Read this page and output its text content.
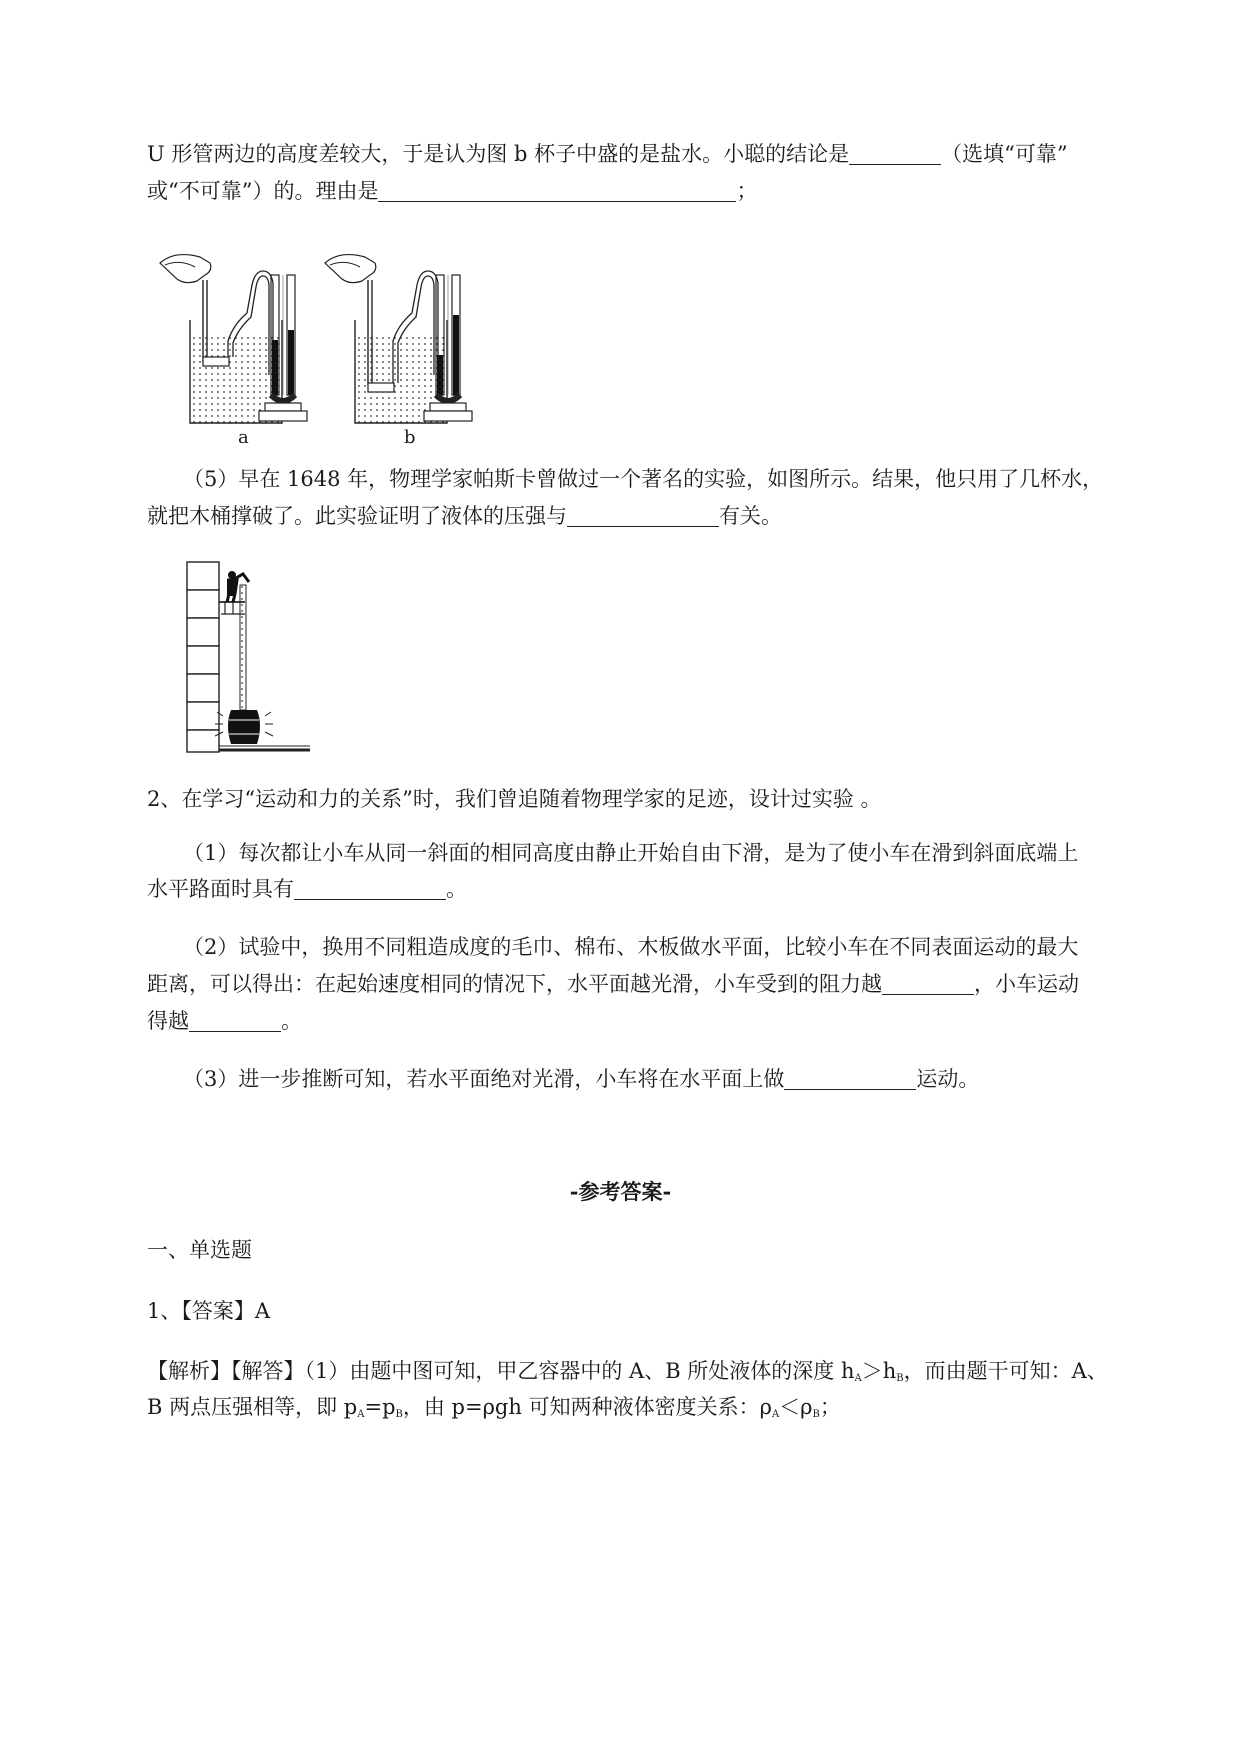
U 形管两边的高度差较大，于是认为图 b 杯子中盛的是盐水。小聪的结论是	（选填“可靠”

或“不可靠”）的。理由是	；

a	b

（5）早在 1648 年，物理学家帕斯卡曾做过一个著名的实验，如图所示。结果，他只用了几杯水，

就把木桶撑破了。此实验证明了液体的压强与	有关。

2、在学习“运动和力的关系”时，我们曾追随着物理学家的足迹，设计过实验 。

（1）每次都让小车从同一斜面的相同高度由静止开始自由下滑，是为了使小车在滑到斜面底端上

水平路面时具有	。

（2）试验中，换用不同粗造成度的毛巾、棉布、木板做水平面，比较小车在不同表面运动的最大

距离，可以得出：在起始速度相同的情况下，水平面越光滑，小车受到的阻力越	，小车运动

得越	。

（3）进一步推断可知，若水平面绝对光滑，小车将在水平面上做	运动。

-参考答案-

一、单选题

1、【答案】A

【解析】【解答】（1）由题中图可知，甲乙容器中的 A、B 所处液体的深度 $h_A>h_B$，而由题干可知：A、

B 两点压强相等，即 $p_A=p_B$，由 p=ρgh 可知两种液体密度关系：$\rho_A<\rho_B$；
